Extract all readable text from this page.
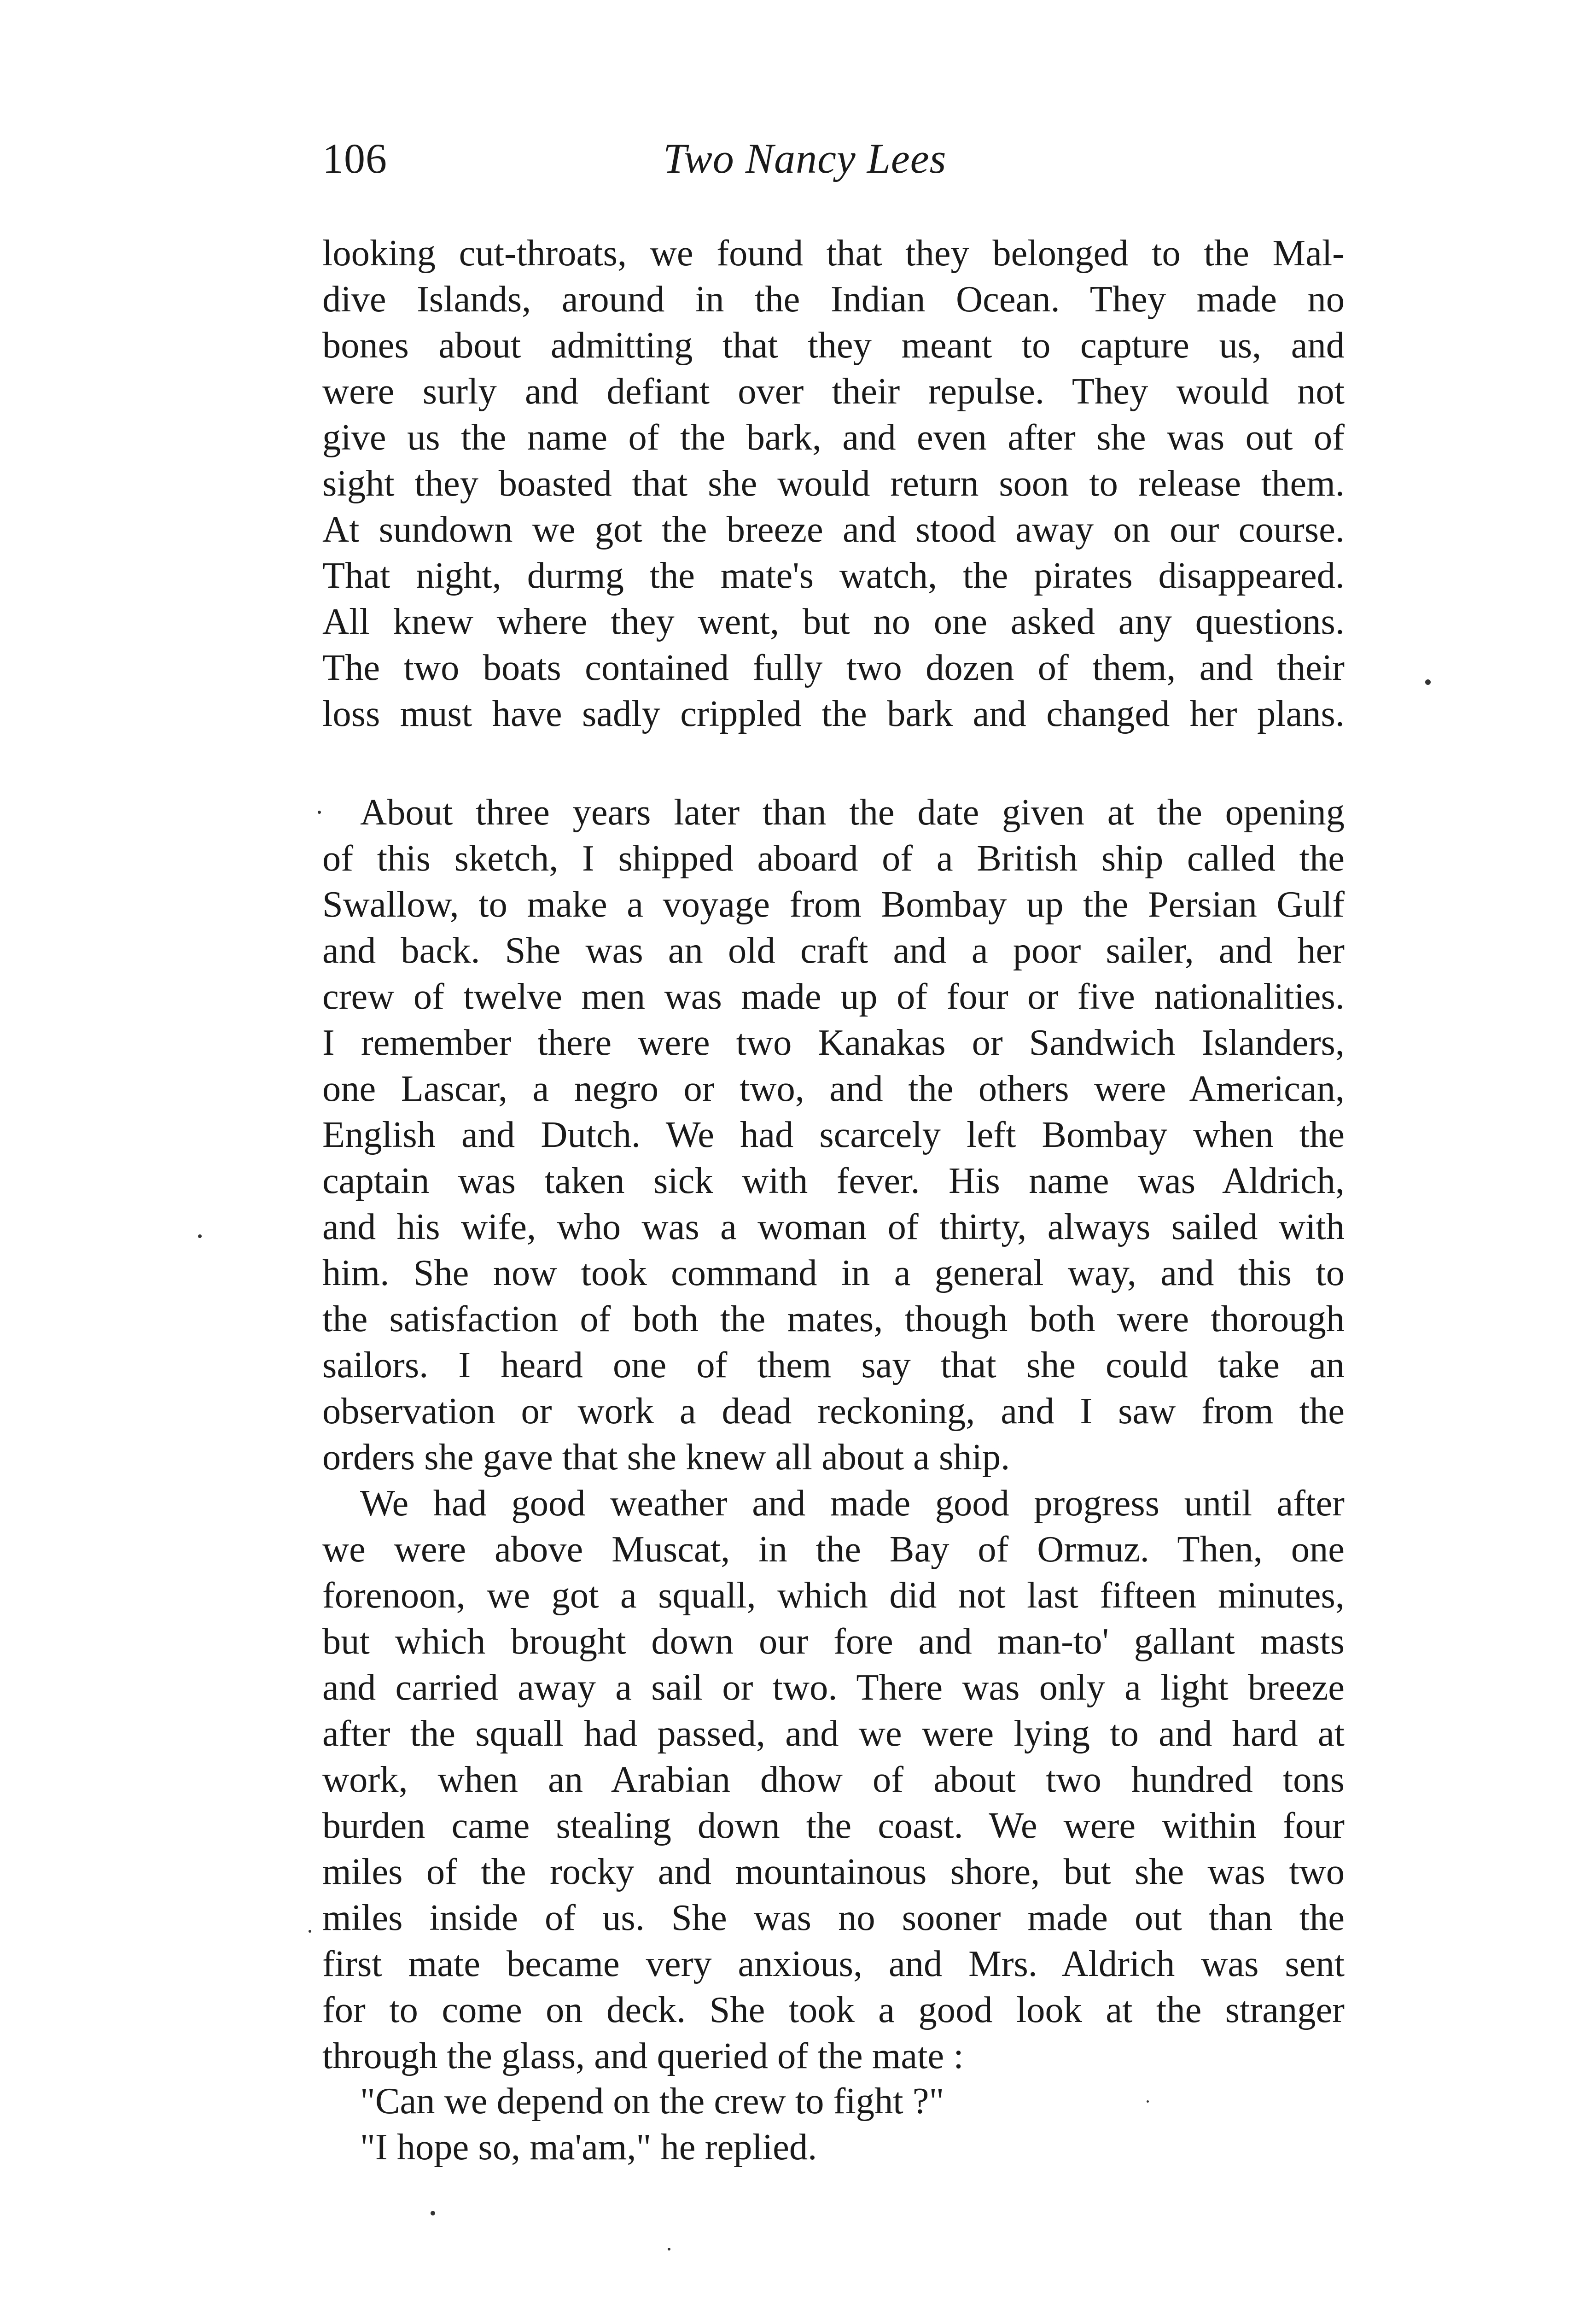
106	Two Nancy Lees
looking cut-throats, we found that they belonged to the Mal-
dive Islands, around in the Indian Ocean. They made no
bones about admitting that they meant to capture us, and
were surly and defiant over their repulse. They would not
give us the name of the bark, and even after she was out of
sight they boasted that she would return soon to release them.
At sundown we got the breeze and stood away on our course.
That night, durmg the mate's watch, the pirates disappeared.
All knew where they went, but no one asked any questions.
The two boats contained fully two dozen of them, and their
loss must have sadly crippled the bark and changed her plans.
About three years later than the date given at the opening
of this sketch, I shipped aboard of a British ship called the
Swallow, to make a voyage from Bombay up the Persian Gulf
and back. She was an old craft and a poor sailer, and her
crew of twelve men was made up of four or five nationalities.
I remember there were two Kanakas or Sandwich Islanders,
one Lascar, a negro or two, and the others were American,
English and Dutch. We had scarcely left Bombay when the
captain was taken sick with fever. His name was Aldrich,
and his wife, who was a woman of thirty, always sailed with
him. She now took command in a general way, and this to
the satisfaction of both the mates, though both were thorough
sailors. I heard one of them say that she could take an
observation or work a dead reckoning, and I saw from the
orders she gave that she knew all about a ship.
We had good weather and made good progress until after
we were above Muscat, in the Bay of Ormuz. Then, one
forenoon, we got a squall, which did not last fifteen minutes,
but which brought down our fore and man-to' gallant masts
and carried away a sail or two. There was only a light breeze
after the squall had passed, and we were lying to and hard at
work, when an Arabian dhow of about two hundred tons
burden came stealing down the coast. We were within four
miles of the rocky and mountainous shore, but she was two
miles inside of us. She was no sooner made out than the
first mate became very anxious, and Mrs. Aldrich was sent
for to come on deck. She took a good look at the stranger
through the glass, and queried of the mate :
"Can we depend on the crew to fight ?"
"I hope so, ma'am," he replied.
